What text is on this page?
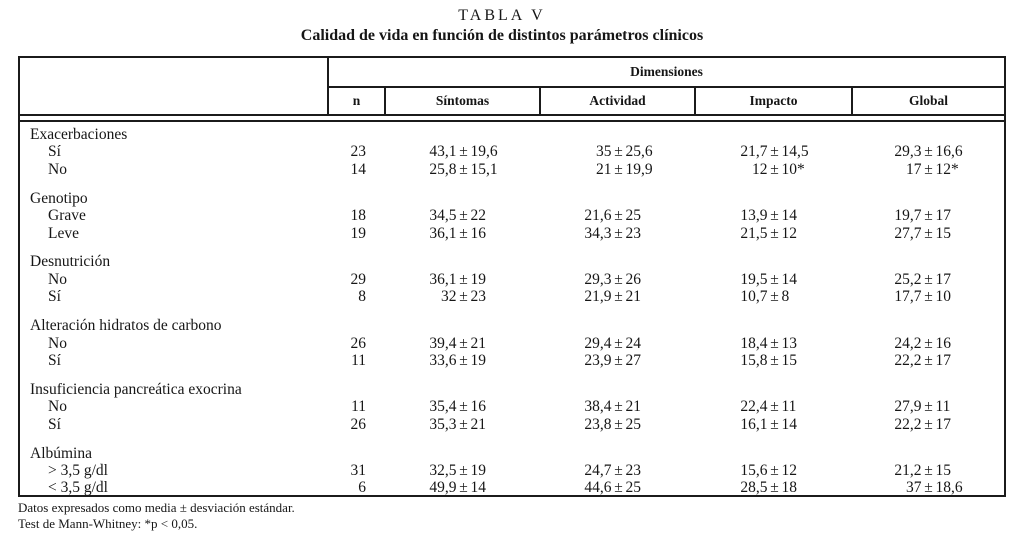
TABLA V
Calidad de vida en función de distintos parámetros clínicos
Dimensiones
n	Síntomas	Actividad	Impacto	Global
Exacerbaciones
Sí	23	43,1 ± 19,6	35 ± 25,6	21,7 ± 14,5	29,3 ± 16,6
No	14	25,8 ± 15,1	21 ± 19,9	12 ± 10*	17 ± 12*
Genotipo
Grave	18	34,5 ± 22	21,6 ± 25	13,9 ± 14	19,7 ± 17
Leve	19	36,1 ± 16	34,3 ± 23	21,5 ± 12	27,7 ± 15
Desnutrición
No	29	36,1 ± 19	29,3 ± 26	19,5 ± 14	25,2 ± 17
Sí	8	32 ± 23	21,9 ± 21	10,7 ± 8	17,7 ± 10
Alteración hidratos de carbono
No	26	39,4 ± 21	29,4 ± 24	18,4 ± 13	24,2 ± 16
Sí	11	33,6 ± 19	23,9 ± 27	15,8 ± 15	22,2 ± 17
Insuficiencia pancreática exocrina
No	11	35,4 ± 16	38,4 ± 21	22,4 ± 11	27,9 ± 11
Sí	26	35,3 ± 21	23,8 ± 25	16,1 ± 14	22,2 ± 17
Albúmina
> 3,5 g/dl	31	32,5 ± 19	24,7 ± 23	15,6 ± 12	21,2 ± 15
< 3,5 g/dl	6	49,9 ± 14	44,6 ± 25	28,5 ± 18	37 ± 18,6
Datos expresados como media ± desviación estándar.
Test de Mann-Whitney: *p < 0,05.
